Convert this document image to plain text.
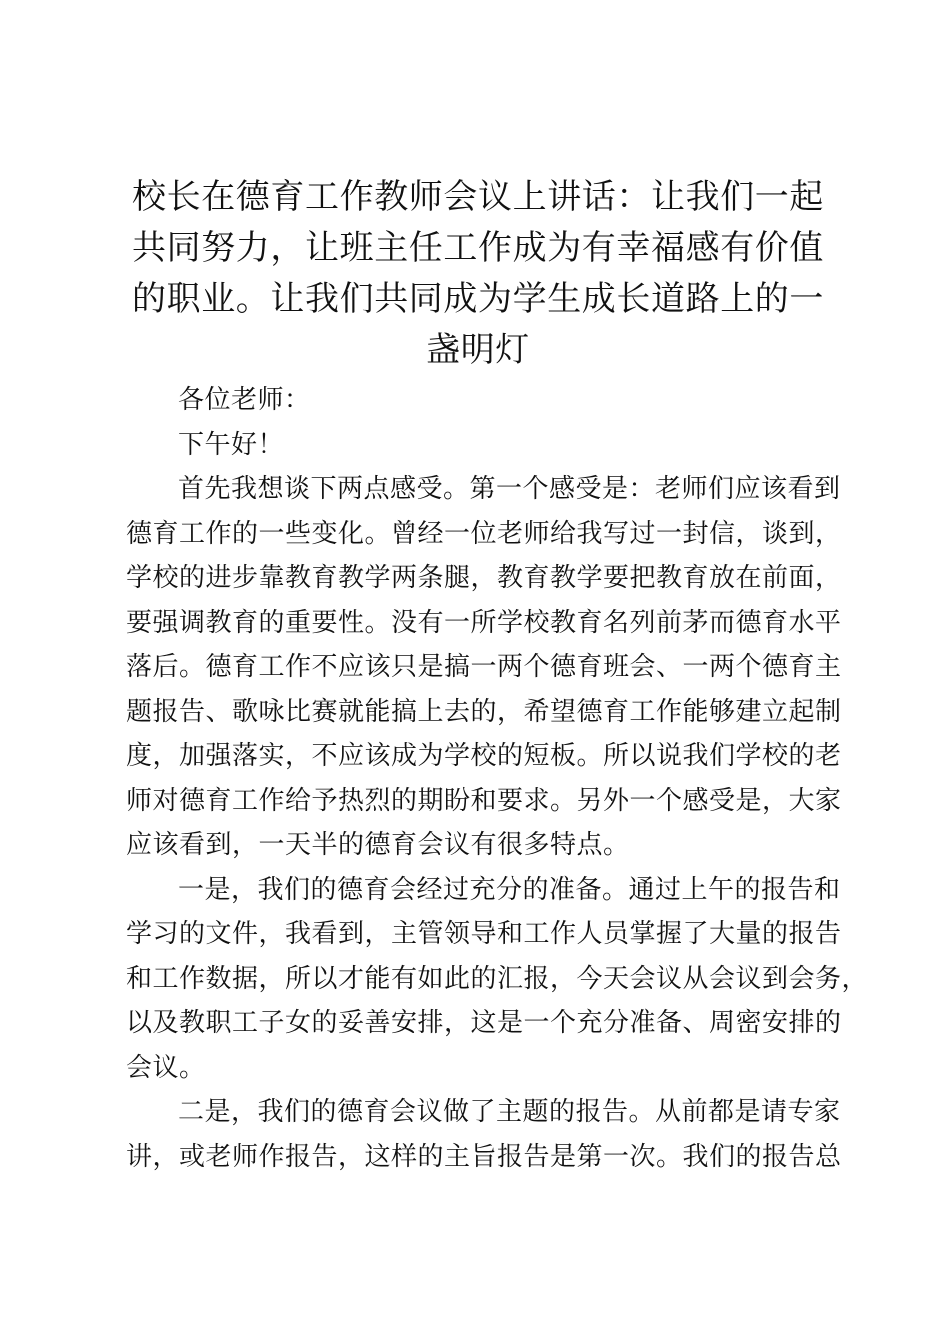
校长在德育工作教师会议上讲话：让我们一起
共同努力，让班主任工作成为有幸福感有价值
的职业。让我们共同成为学生成长道路上的一
盏明灯

各位老师：

下午好！

首先我想谈下两点感受。第一个感受是：老师们应该看到
德育工作的一些变化。曾经一位老师给我写过一封信，谈到，
学校的进步靠教育教学两条腿，教育教学要把教育放在前面，
要强调教育的重要性。没有一所学校教育名列前茅而德育水平
落后。德育工作不应该只是搞一两个德育班会、一两个德育主
题报告、歌咏比赛就能搞上去的，希望德育工作能够建立起制
度，加强落实，不应该成为学校的短板。所以说我们学校的老
师对德育工作给予热烈的期盼和要求。另外一个感受是，大家
应该看到，一天半的德育会议有很多特点。

一是，我们的德育会经过充分的准备。通过上午的报告和
学习的文件，我看到，主管领导和工作人员掌握了大量的报告
和工作数据，所以才能有如此的汇报，今天会议从会议到会务，
以及教职工子女的妥善安排，这是一个充分准备、周密安排的
会议。

二是，我们的德育会议做了主题的报告。从前都是请专家
讲，或老师作报告，这样的主旨报告是第一次。我们的报告总
